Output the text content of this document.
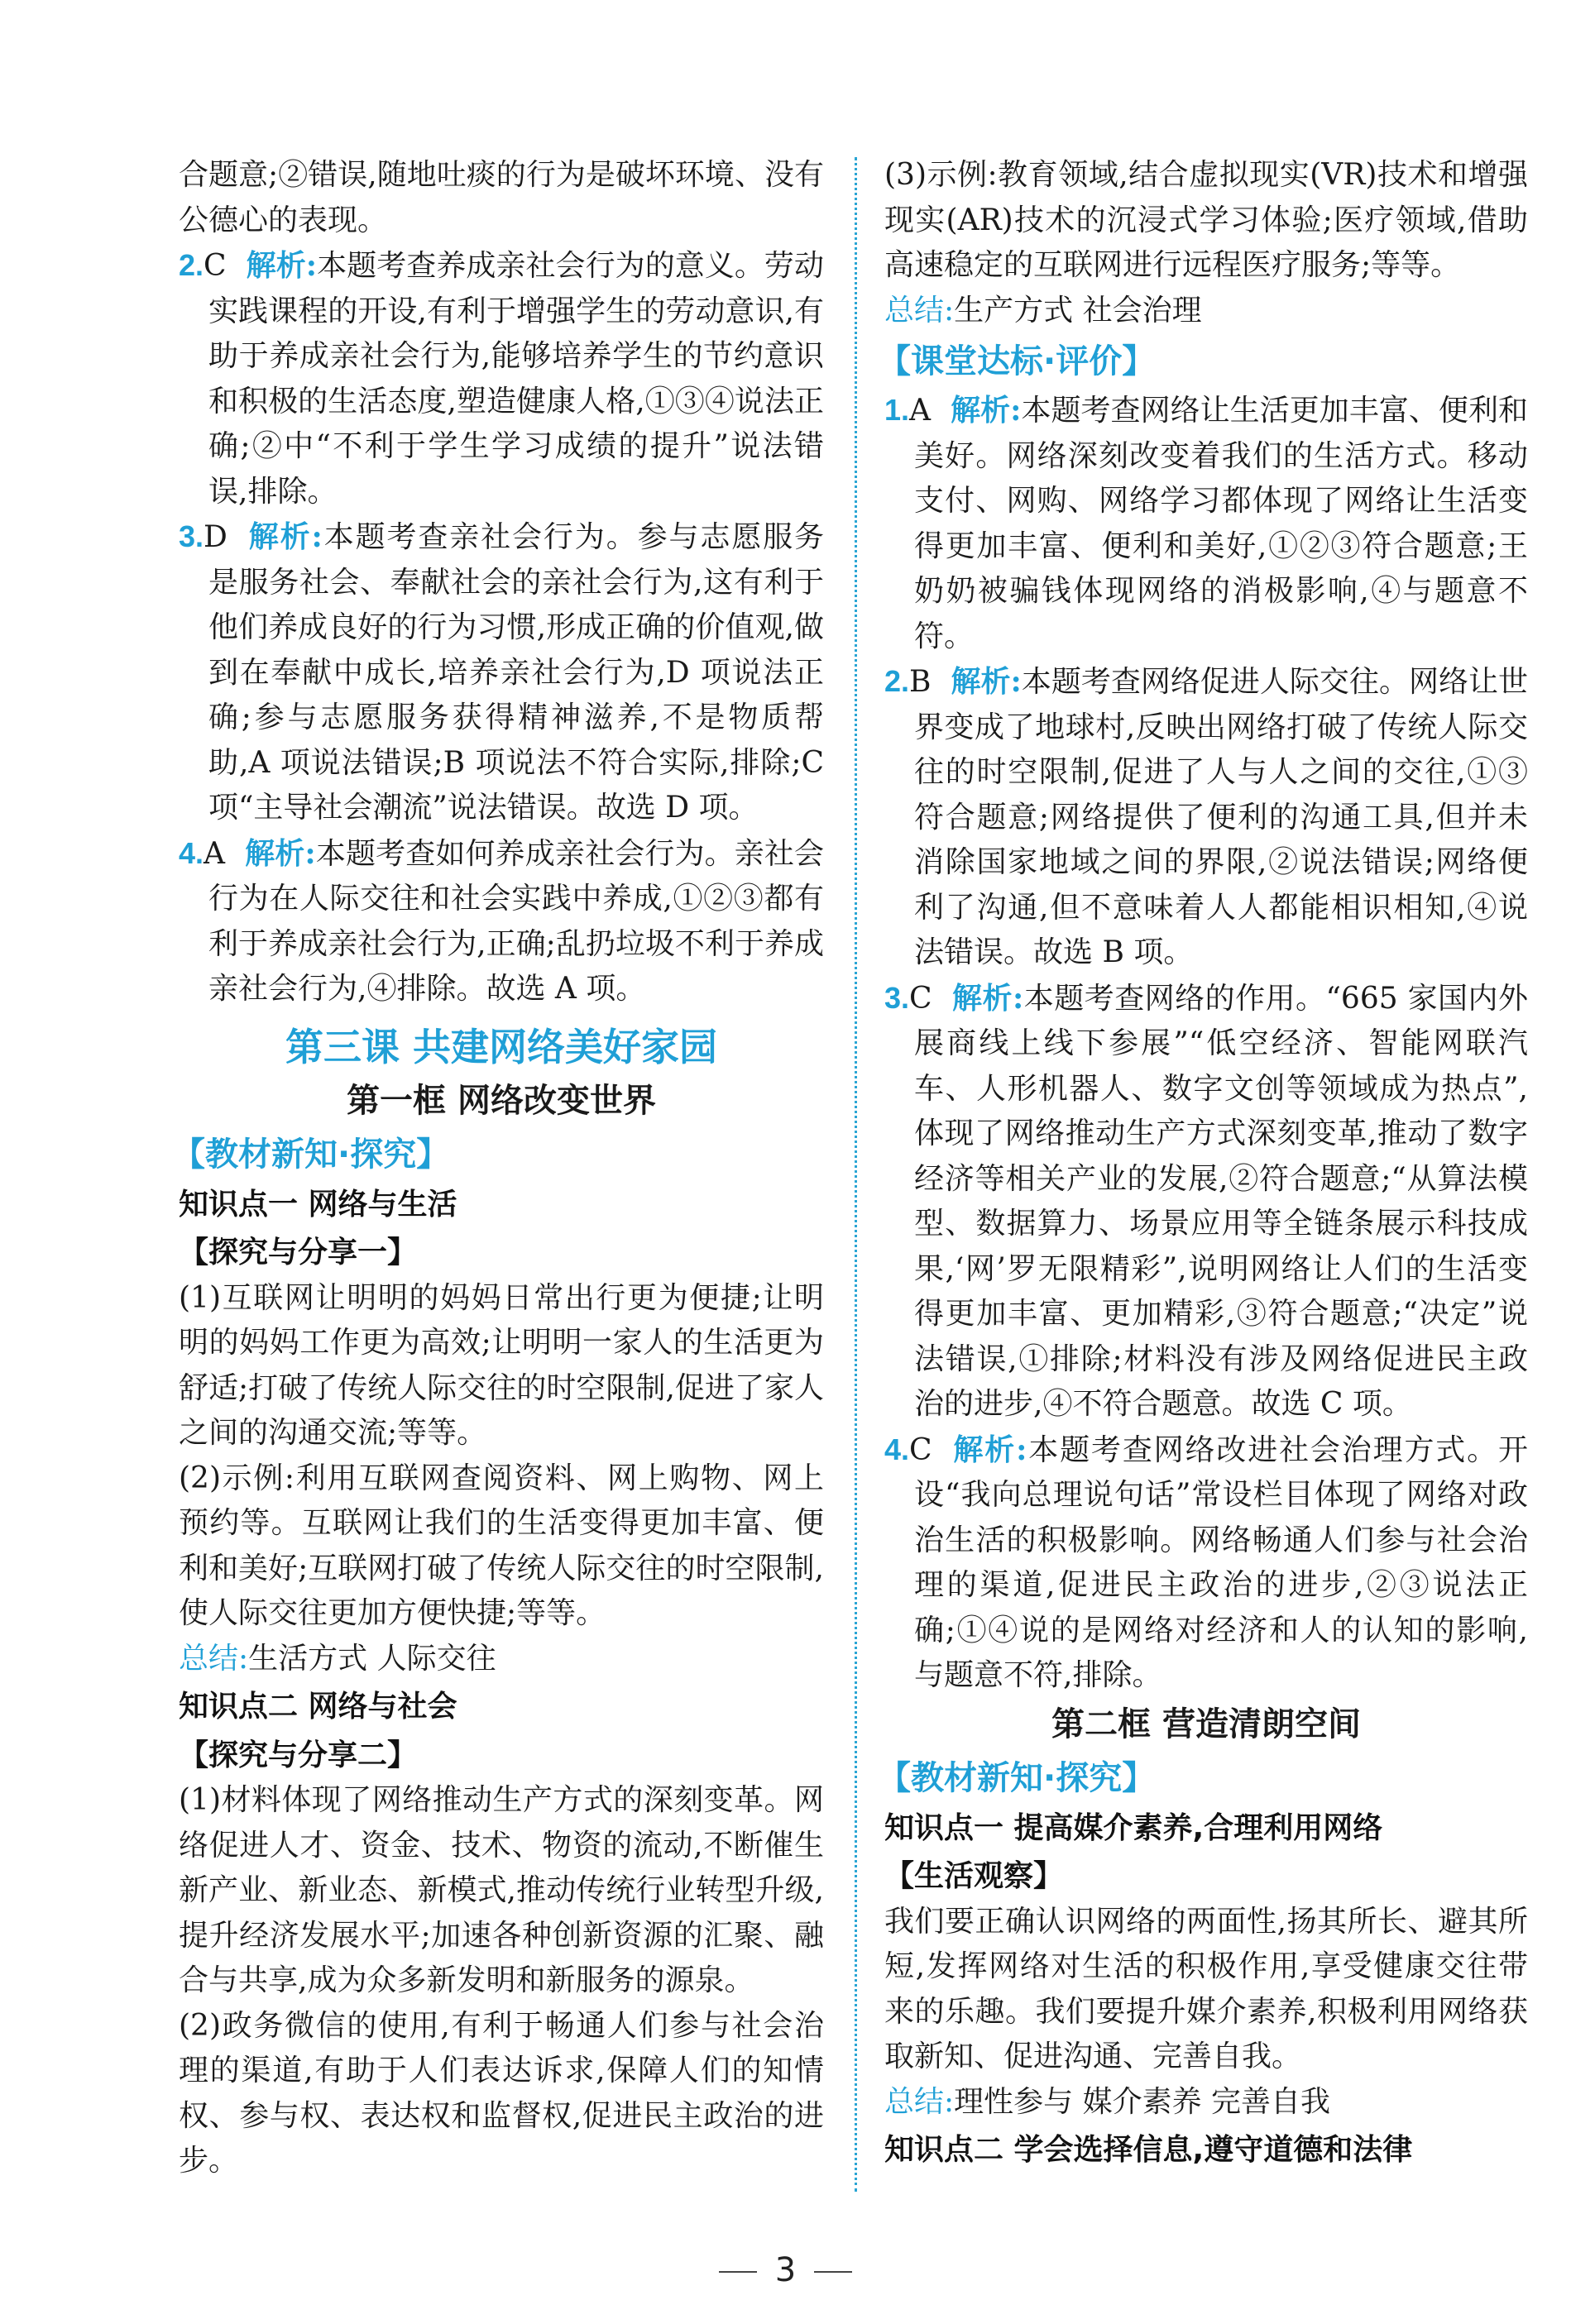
合题意;②错误,随地吐痰的行为是破坏环境、没有公德心的表现。

2.C 解析:本题考查养成亲社会行为的意义。劳动实践课程的开设,有利于增强学生的劳动意识,有助于养成亲社会行为,能够培养学生的节约意识和积极的生活态度,塑造健康人格,①③④说法正确;②中“不利于学生学习成绩的提升”说法错误,排除。

3.D 解析:本题考查亲社会行为。参与志愿服务是服务社会、奉献社会的亲社会行为,这有利于他们养成良好的行为习惯,形成正确的价值观,做到在奉献中成长,培养亲社会行为,D 项说法正确;参与志愿服务获得精神滋养,不是物质帮助,A 项说法错误;B 项说法不符合实际,排除;C 项“主导社会潮流”说法错误。故选 D 项。

4.A 解析:本题考查如何养成亲社会行为。亲社会行为在人际交往和社会实践中养成,①②③都有利于养成亲社会行为,正确;乱扔垃圾不利于养成亲社会行为,④排除。故选 A 项。

第三课 共建网络美好家园
第一框 网络改变世界
【教材新知·探究】

知识点一 网络与生活

【探究与分享一】

(1)互联网让明明的妈妈日常出行更为便捷;让明明的妈妈工作更为高效;让明明一家人的生活更为舒适;打破了传统人际交往的时空限制,促进了家人之间的沟通交流;等等。

(2)示例:利用互联网查阅资料、网上购物、网上预约等。互联网让我们的生活变得更加丰富、便利和美好;互联网打破了传统人际交往的时空限制,使人际交往更加方便快捷;等等。

总结:生活方式 人际交往

知识点二 网络与社会

【探究与分享二】

(1)材料体现了网络推动生产方式的深刻变革。网络促进人才、资金、技术、物资的流动,不断催生新产业、新业态、新模式,推动传统行业转型升级,提升经济发展水平;加速各种创新资源的汇聚、融合与共享,成为众多新发明和新服务的源泉。

(2)政务微信的使用,有利于畅通人们参与社会治理的渠道,有助于人们表达诉求,保障人们的知情权、参与权、表达权和监督权,促进民主政治的进步。

(3)示例:教育领域,结合虚拟现实(VR)技术和增强现实(AR)技术的沉浸式学习体验;医疗领域,借助高速稳定的互联网进行远程医疗服务;等等。

总结:生产方式 社会治理

【课堂达标·评价】

1.A 解析:本题考查网络让生活更加丰富、便利和美好。网络深刻改变着我们的生活方式。移动支付、网购、网络学习都体现了网络让生活变得更加丰富、便利和美好,①②③符合题意;王奶奶被骗钱体现网络的消极影响,④与题意不符。

2.B 解析:本题考查网络促进人际交往。网络让世界变成了地球村,反映出网络打破了传统人际交往的时空限制,促进了人与人之间的交往,①③符合题意;网络提供了便利的沟通工具,但并未消除国家地域之间的界限,②说法错误;网络便利了沟通,但不意味着人人都能相识相知,④说法错误。故选 B 项。

3.C 解析:本题考查网络的作用。“665 家国内外展商线上线下参展”“低空经济、智能网联汽车、人形机器人、数字文创等领域成为热点”,体现了网络推动生产方式深刻变革,推动了数字经济等相关产业的发展,②符合题意;“从算法模型、数据算力、场景应用等全链条展示科技成果,‘网’罗无限精彩”,说明网络让人们的生活变得更加丰富、更加精彩,③符合题意;“决定”说法错误,①排除;材料没有涉及网络促进民主政治的进步,④不符合题意。故选 C 项。

4.C 解析:本题考查网络改进社会治理方式。开设“我向总理说句话”常设栏目体现了网络对政治生活的积极影响。网络畅通人们参与社会治理的渠道,促进民主政治的进步,②③说法正确;①④说的是网络对经济和人的认知的影响,与题意不符,排除。

第二框 营造清朗空间
【教材新知·探究】

知识点一 提高媒介素养,合理利用网络

【生活观察】

我们要正确认识网络的两面性,扬其所长、避其所短,发挥网络对生活的积极作用,享受健康交往带来的乐趣。我们要提升媒介素养,积极利用网络获取新知、促进沟通、完善自我。

总结:理性参与 媒介素养 完善自我

知识点二 学会选择信息,遵守道德和法律

3
